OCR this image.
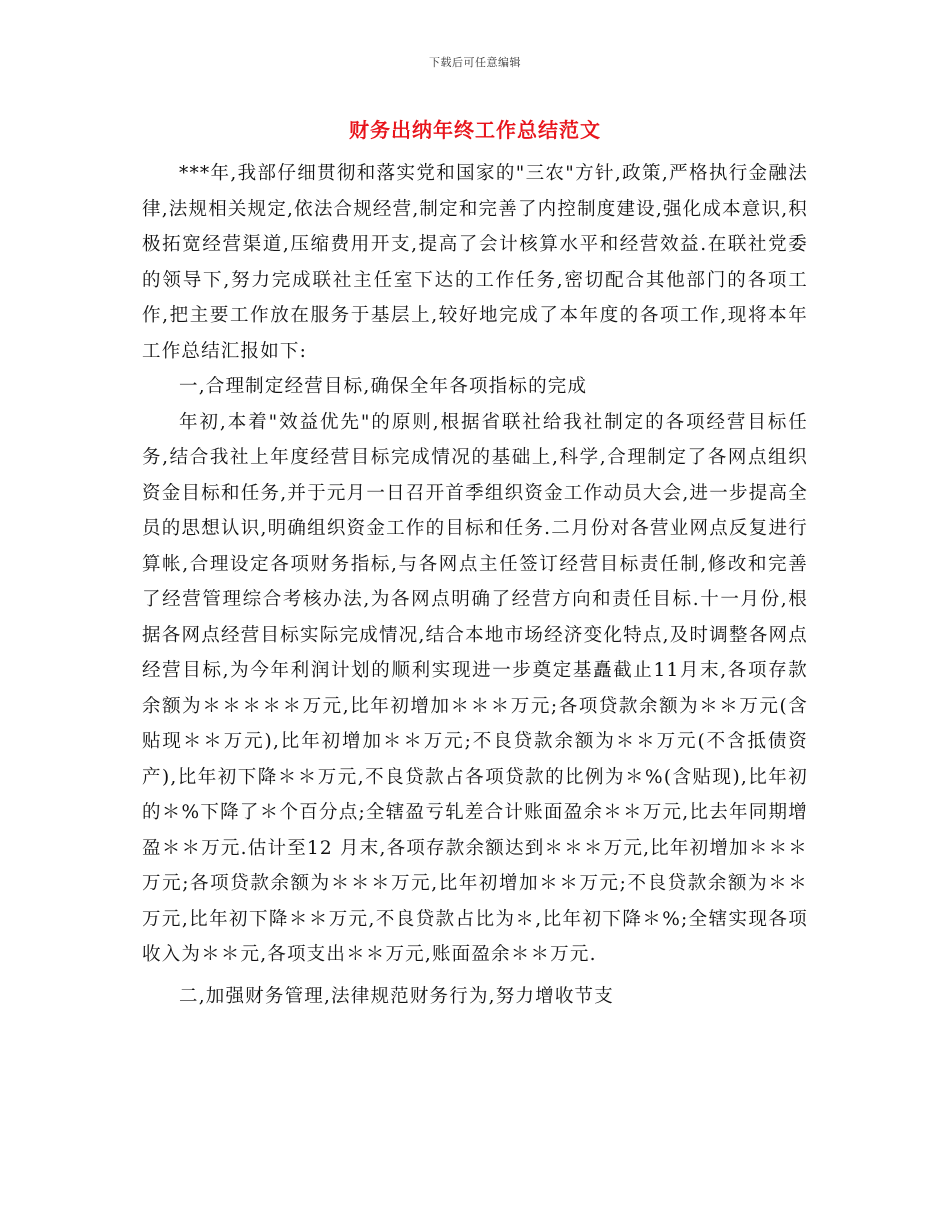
下载后可任意编辑
财务出纳年终工作总结范文

***年,我部仔细贯彻和落实党和国家的"三农"方针,政策,严格执行金融法律,法规相关规定,依法合规经营,制定和完善了内控制度建设,强化成本意识,积极拓宽经营渠道,压缩费用开支,提高了会计核算水平和经营效益.在联社党委的领导下,努力完成联社主任室下达的工作任务,密切配合其他部门的各项工作,把主要工作放在服务于基层上,较好地完成了本年度的各项工作,现将本年工作总结汇报如下:

一,合理制定经营目标,确保全年各项指标的完成

年初,本着"效益优先"的原则,根据省联社给我社制定的各项经营目标任务,结合我社上年度经营目标完成情况的基础上,科学,合理制定了各网点组织资金目标和任务,并于元月一日召开首季组织资金工作动员大会,进一步提高全员的思想认识,明确组织资金工作的目标和任务.二月份对各营业网点反复进行算帐,合理设定各项财务指标,与各网点主任签订经营目标责任制,修改和完善了经营管理综合考核办法,为各网点明确了经营方向和责任目标.十一月份,根据各网点经营目标实际完成情况,结合本地市场经济变化特点,及时调整各网点经营目标,为今年利润计划的顺利实现进一步奠定基矗截止11月末,各项存款余额为＊＊＊＊＊万元,比年初增加＊＊＊万元;各项贷款余额为＊＊万元(含贴现＊＊万元),比年初增加＊＊万元;不良贷款余额为＊＊万元(不含抵债资产),比年初下降＊＊万元,不良贷款占各项贷款的比例为＊%(含贴现),比年初的＊%下降了＊个百分点;全辖盈亏轧差合计账面盈余＊＊万元,比去年同期增盈＊＊万元.估计至12 月末,各项存款余额达到＊＊＊万元,比年初增加＊＊＊万元;各项贷款余额为＊＊＊万元,比年初增加＊＊万元;不良贷款余额为＊＊万元,比年初下降＊＊万元,不良贷款占比为＊,比年初下降＊%;全辖实现各项收入为＊＊元,各项支出＊＊万元,账面盈余＊＊万元.

二,加强财务管理,法律规范财务行为,努力增收节支
